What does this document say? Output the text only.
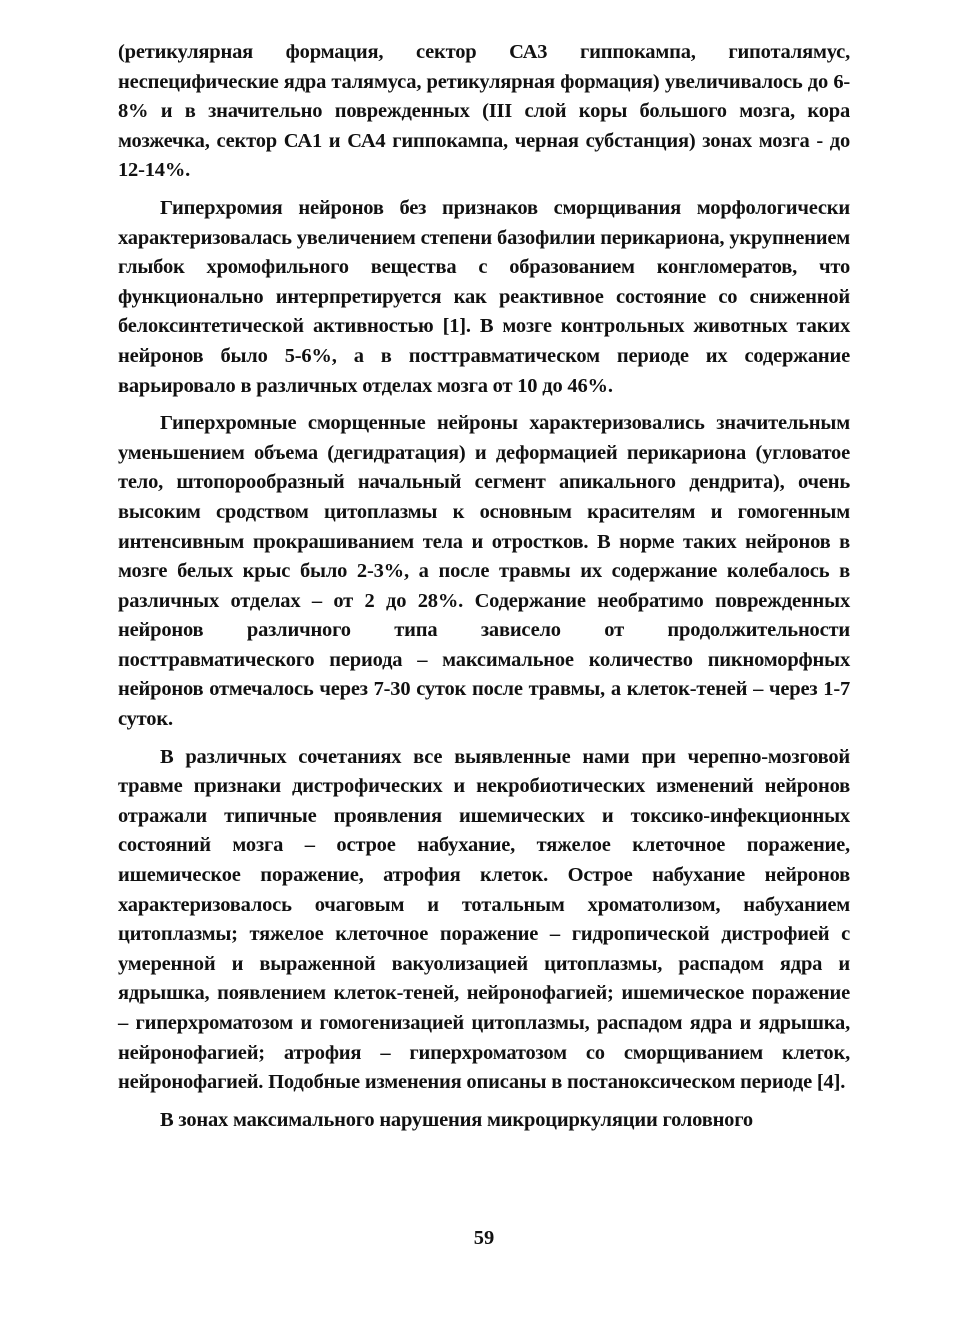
(ретикулярная формация, сектор СА3 гиппокампа, гипоталямус, неспецифические ядра талямуса, ретикулярная формация) увеличивалось до 6-8% и в значительно поврежденных (III слой коры большого мозга, кора мозжечка, сектор СА1 и СА4 гиппокампа, черная субстанция) зонах мозга - до 12-14%.

Гиперхромия нейронов без признаков сморщивания морфологически характеризовалась увеличением степени базофилии перикариона, укрупнением глыбок хромофильного вещества с образованием конгломератов, что функционально интерпретируется как реактивное состояние со сниженной белоксинтетической активностью [1]. В мозге контрольных животных таких нейронов было 5-6%, а в посттравматическом периоде их содержание варьировало в различных отделах мозга от 10 до 46%.

Гиперхромные сморщенные нейроны характеризовались значительным уменьшением объема (дегидратация) и деформацией перикариона (угловатое тело, штопорообразный начальный сегмент апикального дендрита), очень высоким сродством цитоплазмы к основным красителям и гомогенным интенсивным прокрашиванием тела и отростков. В норме таких нейронов в мозге белых крыс было 2-3%, а после травмы их содержание колебалось в различных отделах – от 2 до 28%. Содержание необратимо поврежденных нейронов различного типа зависело от продолжительности посттравматического периода – максимальное количество пикноморфных нейронов отмечалось через 7-30 суток после травмы, а клеток-теней – через 1-7 суток.

В различных сочетаниях все выявленные нами при черепно-мозговой травме признаки дистрофических и некробиотических изменений нейронов отражали типичные проявления ишемических и токсико-инфекционных состояний мозга – острое набухание, тяжелое клеточное поражение, ишемическое поражение, атрофия клеток. Острое набухание нейронов характеризовалось очаговым и тотальным хроматолизом, набуханием цитоплазмы; тяжелое клеточное поражение – гидропической дистрофией с умеренной и выраженной вакуолизацией цитоплазмы, распадом ядра и ядрышка, появлением клеток-теней, нейронофагией; ишемическое поражение – гиперхроматозом и гомогенизацией цитоплазмы, распадом ядра и ядрышка, нейронофагией; атрофия – гиперхроматозом со сморщиванием клеток, нейронофагией. Подобные изменения описаны в постаноксическом периоде [4].

В зонах максимального нарушения микроциркуляции головного

59
